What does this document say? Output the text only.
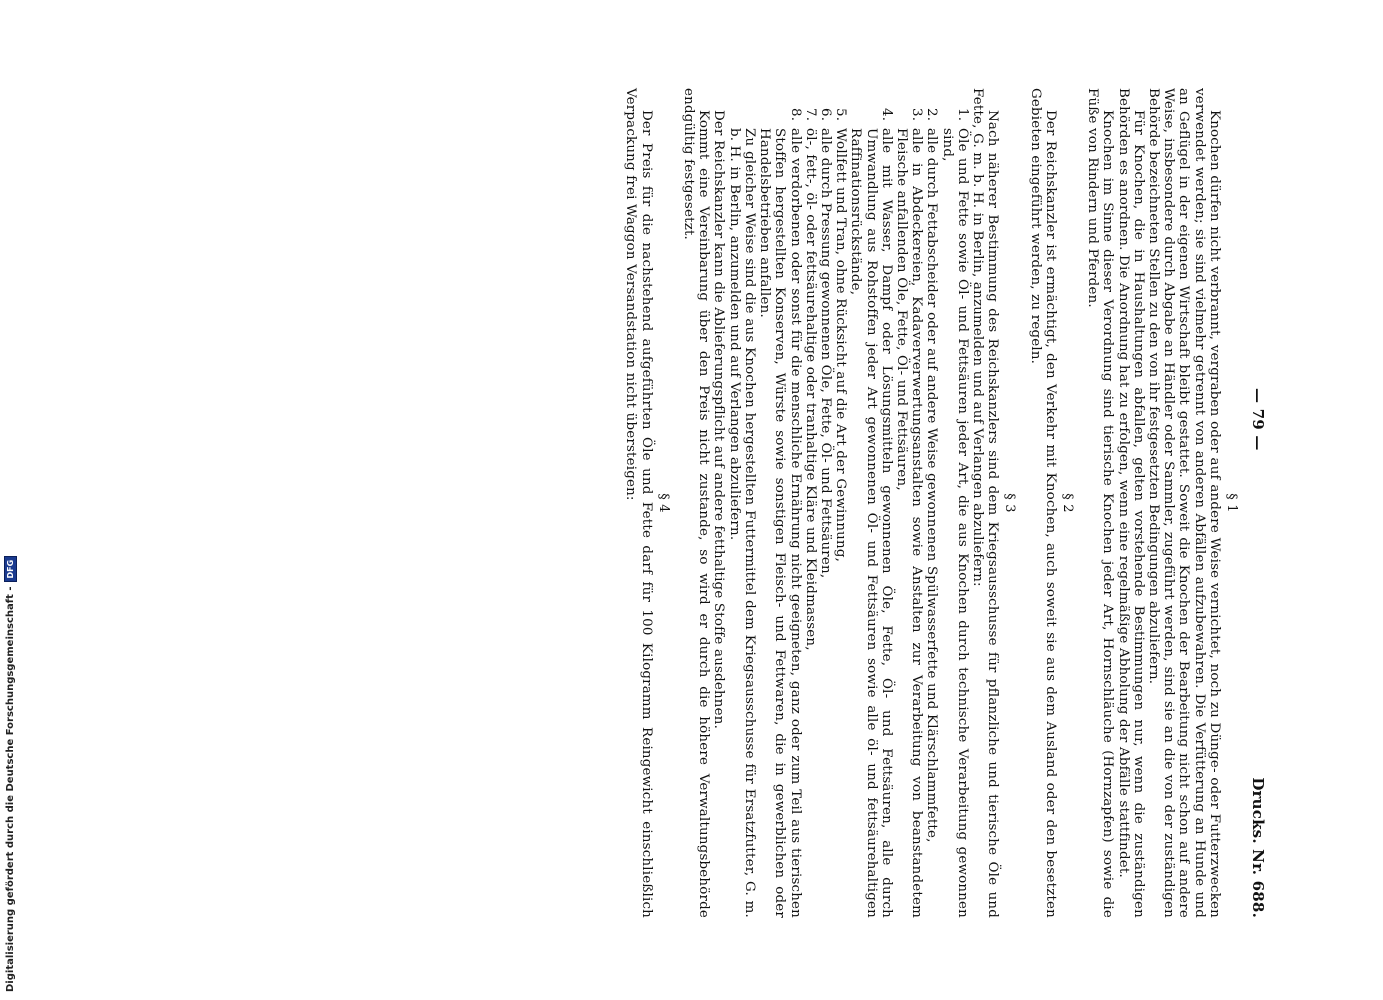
Digitalisierung gefördert durch die Deutsche Forschungsgemeinschaft -
DFG
— 79 —
Drucks. Nr. 688.
§ 1

Knochen dürfen nicht verbrannt, vergraben oder auf andere Weise vernichtet, noch zu Dünge- oder Futterzwecken verwendet werden; sie sind vielmehr getrennt von anderen Abfällen aufzubewahren. Die Verfütterung an Hunde und an Geflügel in der eigenen Wirtschaft bleibt gestattet. Soweit die Knochen der Bearbeitung nicht schon auf andere Weise, insbesondere durch Abgabe an Händler oder Sammler, zugeführt werden, sind sie an die von der zuständigen Behörde bezeichneten Stellen zu den von ihr festgesetzten Bedingungen abzuliefern.

Für Knochen, die in Haushaltungen abfallen, gelten vorstehende Bestimmungen nur, wenn die zuständigen Behörden es anordnen. Die Anordnung hat zu erfolgen, wenn eine regelmäßige Abholung der Abfälle stattfindet.

Knochen im Sinne dieser Verordnung sind tierische Knochen jeder Art, Hornschläuche (Hornzapfen) sowie die Füße von Rindern und Pferden.

§ 2

Der Reichskanzler ist ermächtigt, den Verkehr mit Knochen, auch soweit sie aus dem Ausland oder den besetzten Gebieten eingeführt werden, zu regeln.

§ 3

Nach näherer Bestimmung des Reichskanzlers sind dem Kriegsausschusse für pflanzliche und tierische Öle und Fette, G. m. b. H. in Berlin, anzumelden und auf Verlangen abzuliefern:

1.
Öle und Fette sowie Öl- und Fettsäuren jeder Art, die aus Knochen durch technische Verarbeitung gewonnen sind,
2.
alle durch Fettabscheider oder auf andere Weise gewonnenen Spülwasserfette und Klärschlammfette,
3.
alle in Abdeckereien, Kadaververwertungsanstalten sowie Anstalten zur Verarbeitung von beanstandetem Fleische anfallenden Öle, Fette, Öl- und Fettsäuren,
4.
alle mit Wasser, Dampf oder Lösungsmitteln gewonnenen Öle, Fette, Öl- und Fettsäuren, alle durch Umwandlung aus Rohstoffen jeder Art gewonnenen Öl- und Fettsäuren sowie alle öl- und fettsäurehaltigen Raffinationsrückstände,
5.
Wollfett und Tran, ohne Rücksicht auf die Art der Gewinnung,
6.
alle durch Pressung gewonnenen Öle, Fette, Öl- und Fettsäuren,
7.
öl-, fett-, öl- oder fettsäurehaltige oder tranhaltige Kläre und Kleidmassen,
8.
alle verdorbenen oder sonst für die menschliche Ernährung nicht geeigneten, ganz oder zum Teil aus tierischen Stoffen hergestellten Konserven, Würste sowie sonstigen Fleisch- und Fettwaren, die in gewerblichen oder Handelsbetrieben anfallen.
Zu gleicher Weise sind die aus Knochen hergestellten Futtermittel dem Kriegsausschusse für Ersatzfutter, G. m. b. H. in Berlin, anzumelden und auf Verlangen abzuliefern.

Der Reichskanzler kann die Ablieferungspflicht auf andere fetthaltige Stoffe ausdehnen.

Kommt eine Vereinbarung über den Preis nicht zustande, so wird er durch die höhere Verwaltungsbehörde endgültig festgesetzt.

§ 4

Der Preis für die nachstehend aufgeführten Öle und Fette darf für 100 Kilogramm Reingewicht einschließlich Verpackung frei Waggon Versandstation nicht übersteigen:
